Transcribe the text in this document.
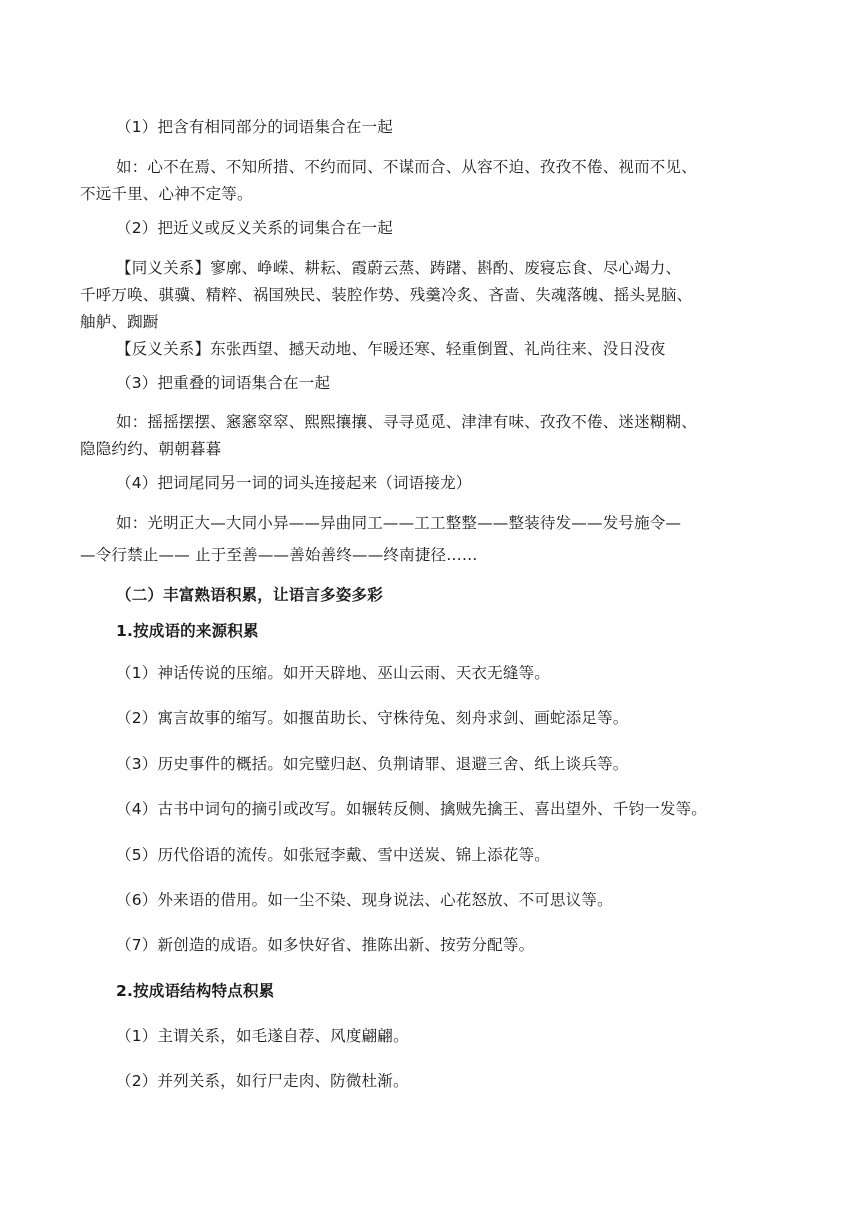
（1）把含有相同部分的词语集合在一起
如：心不在焉、不知所措、不约而同、不谋而合、从容不迫、孜孜不倦、视而不见、
不远千里、心神不定等。
（2）把近义或反义关系的词集合在一起
【同义关系】寥廓、峥嵘、耕耘、霞蔚云蒸、踌躇、斟酌、废寝忘食、尽心竭力、
千呼万唤、骐骥、精粹、祸国殃民、装腔作势、残羹冷炙、吝啬、失魂落魄、摇头晃脑、
舳舻、踟蹰
【反义关系】东张西望、撼天动地、乍暖还寒、轻重倒置、礼尚往来、没日没夜
（3）把重叠的词语集合在一起
如：摇摇摆摆、窸窸窣窣、熙熙攘攘、寻寻觅觅、津津有味、孜孜不倦、迷迷糊糊、
隐隐约约、朝朝暮暮
（4）把词尾同另一词的词头连接起来（词语接龙）
如：光明正大—大同小异——异曲同工——工工整整——整装待发——发号施令—
—令行禁止—— 止于至善——善始善终——终南捷径……
（二）丰富熟语积累，让语言多姿多彩
1.按成语的来源积累
（1）神话传说的压缩。如开天辟地、巫山云雨、天衣无缝等。
（2）寓言故事的缩写。如揠苗助长、守株待兔、刻舟求剑、画蛇添足等。
（3）历史事件的概括。如完璧归赵、负荆请罪、退避三舍、纸上谈兵等。
（4）古书中词句的摘引或改写。如辗转反侧、擒贼先擒王、喜出望外、千钧一发等。
（5）历代俗语的流传。如张冠李戴、雪中送炭、锦上添花等。
（6）外来语的借用。如一尘不染、现身说法、心花怒放、不可思议等。
（7）新创造的成语。如多快好省、推陈出新、按劳分配等。
2.按成语结构特点积累
（1）主谓关系，如毛遂自荐、风度翩翩。
（2）并列关系，如行尸走肉、防微杜渐。
